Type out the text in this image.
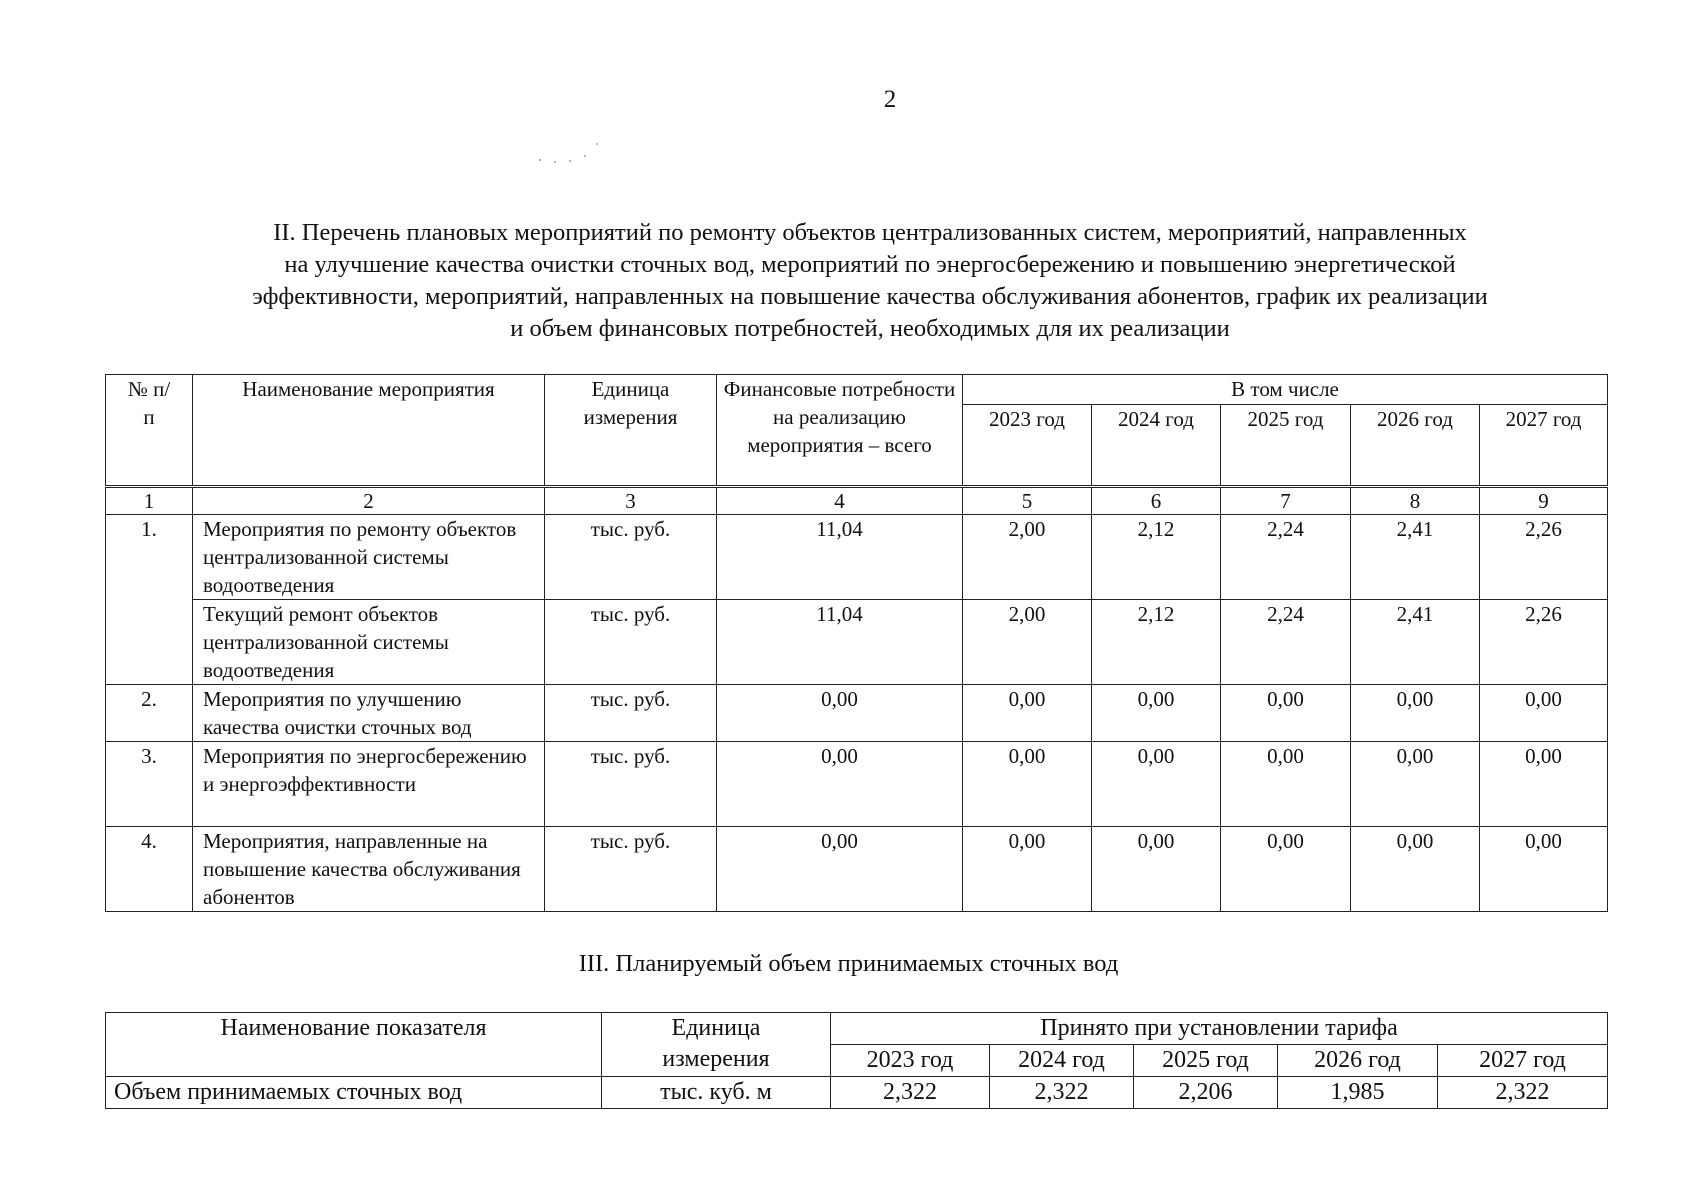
2
II. Перечень плановых мероприятий по ремонту объектов централизованных систем, мероприятий, направленных
на улучшение качества очистки сточных вод, мероприятий по энергосбережению и повышению энергетической
эффективности, мероприятий, направленных на повышение качества обслуживания абонентов, график их реализации
и объем финансовых потребностей, необходимых для их реализации
№ п/п	Наименование мероприятия	Единица измерения	Финансовые потребности на реализацию мероприятия – всего	В том числе				
				2023 год	2024 год	2025 год	2026 год	2027 год
1	2	3	4	5	6	7	8	9
1.	Мероприятия по ремонту объектов централизованной системы водоотведения	тыс. руб.	11,04	2,00	2,12	2,24	2,41	2,26
	Текущий ремонт объектов централизованной системы водоотведения	тыс. руб.	11,04	2,00	2,12	2,24	2,41	2,26
2.	Мероприятия по улучшению качества очистки сточных вод	тыс. руб.	0,00	0,00	0,00	0,00	0,00	0,00
3.	Мероприятия по энергосбережению и энергоэффективности	тыс. руб.	0,00	0,00	0,00	0,00	0,00	0,00
4.	Мероприятия, направленные на повышение качества обслуживания абонентов	тыс. руб.	0,00	0,00	0,00	0,00	0,00	0,00
III. Планируемый объем принимаемых сточных вод
Наименование показателя	Единица измерения	Принято при установлении тарифа				
		2023 год	2024 год	2025 год	2026 год	2027 год
Объем принимаемых сточных вод	тыс. куб. м	2,322	2,322	2,206	1,985	2,322
